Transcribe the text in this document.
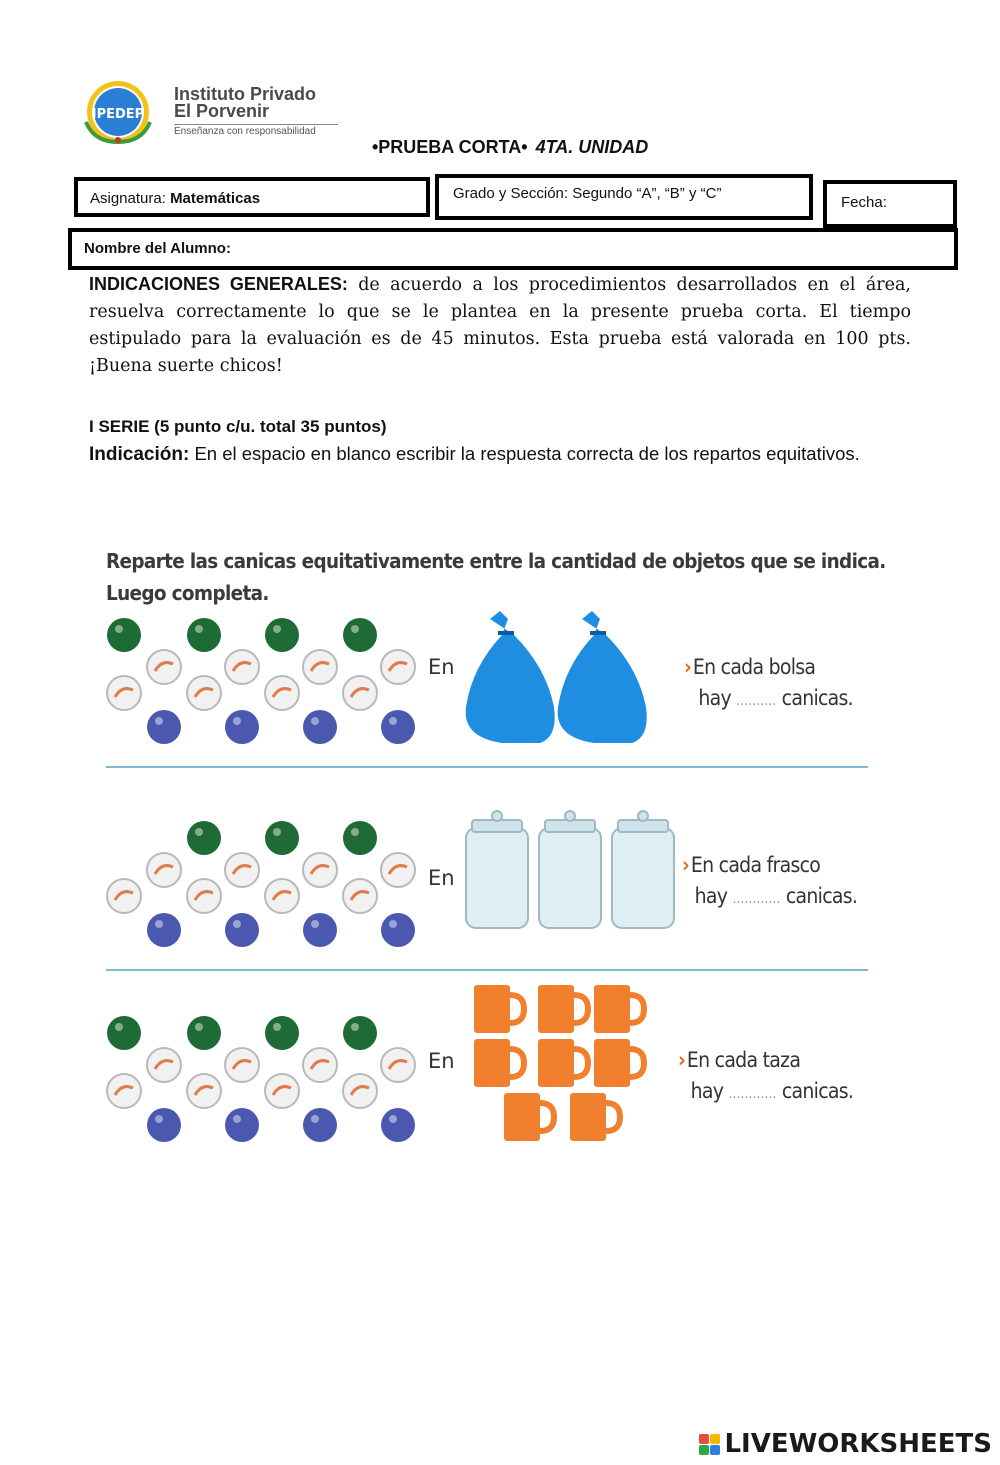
IPEDEP
Instituto Privado
El Porvenir
Enseñanza con responsabilidad
•PRUEBA CORTA• 4TA. UNIDAD
Asignatura: Matemáticas	Grado y Sección: Segundo “A”, “B” y “C”
Fecha:
Nombre del Alumno:
INDICACIONES GENERALES: de acuerdo a los procedimientos desarrollados en el área, resuelva correctamente lo que se le plantea en la presente prueba corta. El tiempo estipulado para la evaluación es de 45 minutos. Esta prueba está valorada en 100 pts. ¡Buena suerte chicos!
I SERIE (5 punto c/u. total 35 puntos)
Indicación: En el espacio en blanco escribir la respuesta correcta de los repartos equitativos.
Reparte las canicas equitativamente entre la cantidad de objetos que se indica.
Luego completa.
En	›En cada bolsa
hay .......... canicas.
En
›En cada frasco
hay ............ canicas.
En	›En cada taza
hay ............ canicas.
LIVEWORKSHEETS
